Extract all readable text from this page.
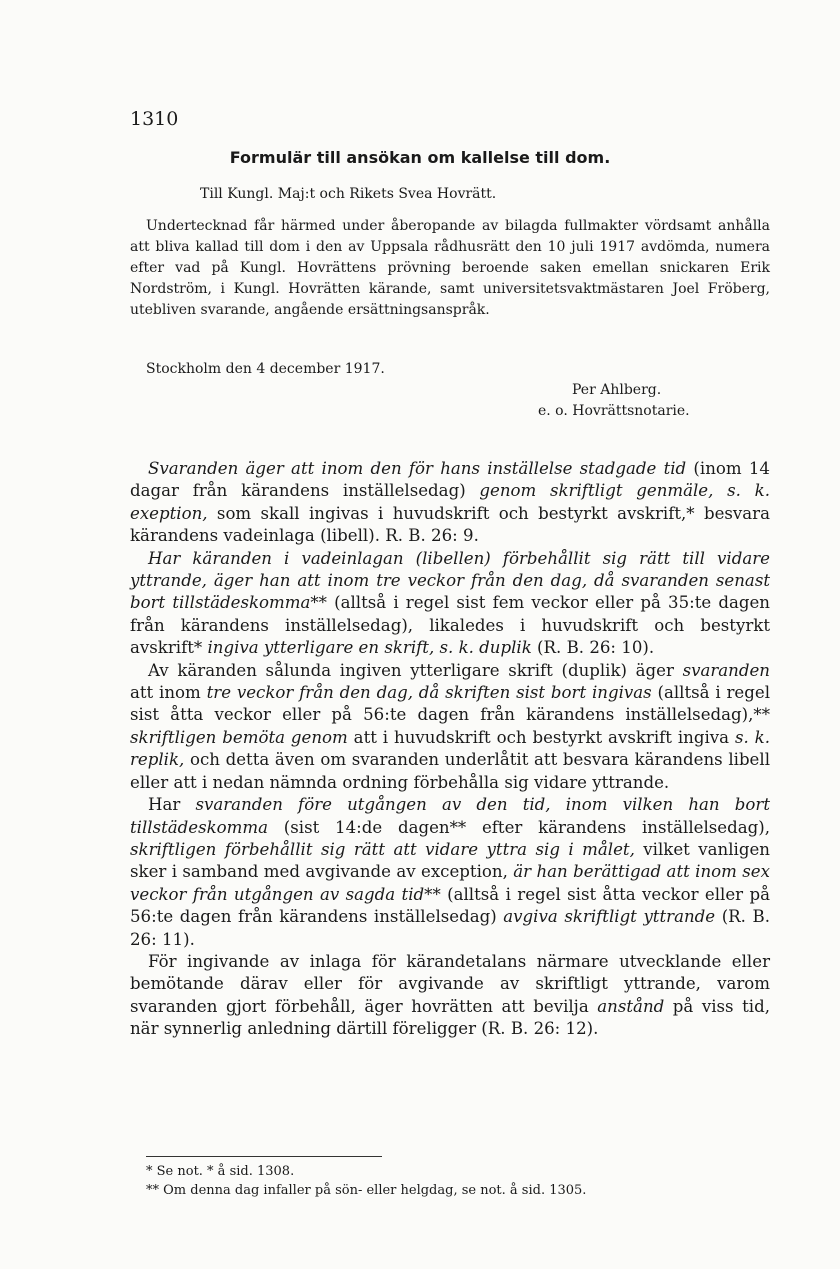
1310
Formulär till ansökan om kallelse till dom.
Till Kungl. Maj:t och Rikets Svea Hovrätt.
Undertecknad får härmed under åberopande av bilagda fullmakter vördsamt anhålla att bliva kallad till dom i den av Uppsala rådhusrätt den 10 juli 1917 avdömda, numera efter vad på Kungl. Hovrättens prövning beroende saken emellan snickaren Erik Nordström, i Kungl. Hovrätten kärande, samt universitetsvaktmästaren Joel Fröberg, utebliven svarande, angående ersättningsanspråk.
Stockholm den 4 december 1917.
Per Ahlberg.
e. o. Hovrättsnotarie.

Svaranden äger att inom den för hans inställelse stadgade tid (inom 14 dagar från kärandens inställelsedag) genom skriftligt genmäle, s. k. exeption, som skall ingivas i huvudskrift och bestyrkt avskrift,* besvara kärandens vadeinlaga (libell). R. B. 26: 9.

Har käranden i vadeinlagan (libellen) förbehållit sig rätt till vidare yttrande, äger han att inom tre veckor från den dag, då svaranden senast bort tillstädeskomma** (alltså i regel sist fem veckor eller på 35:te dagen från kärandens inställelsedag), likaledes i huvudskrift och bestyrkt avskrift* ingiva ytterligare en skrift, s. k. duplik (R. B. 26: 10).

Av käranden sålunda ingiven ytterligare skrift (duplik) äger svaranden att inom tre veckor från den dag, då skriften sist bort ingivas (alltså i regel sist åtta veckor eller på 56:te dagen från kärandens inställelsedag),** skriftligen bemöta genom att i huvudskrift och bestyrkt avskrift ingiva s. k. replik, och detta även om svaranden underlåtit att besvara kärandens libell eller att i nedan nämnda ordning förbehålla sig vidare yttrande.

Har svaranden före utgången av den tid, inom vilken han bort tillstädeskomma (sist 14:de dagen** efter kärandens inställelsedag), skriftligen förbehållit sig rätt att vidare yttra sig i målet, vilket vanligen sker i samband med avgivande av exception, är han berättigad att inom sex veckor från utgången av sagda tid** (alltså i regel sist åtta veckor eller på 56:te dagen från kärandens inställelsedag) avgiva skriftligt yttrande (R. B. 26: 11).

För ingivande av inlaga för kärandetalans närmare utvecklande eller bemötande därav eller för avgivande av skriftligt yttrande, varom svaranden gjort förbehåll, äger hovrätten att bevilja anstånd på viss tid, när synnerlig anledning därtill föreligger (R. B. 26: 12).

* Se not. * å sid. 1308.
** Om denna dag infaller på sön- eller helgdag, se not. å sid. 1305.
